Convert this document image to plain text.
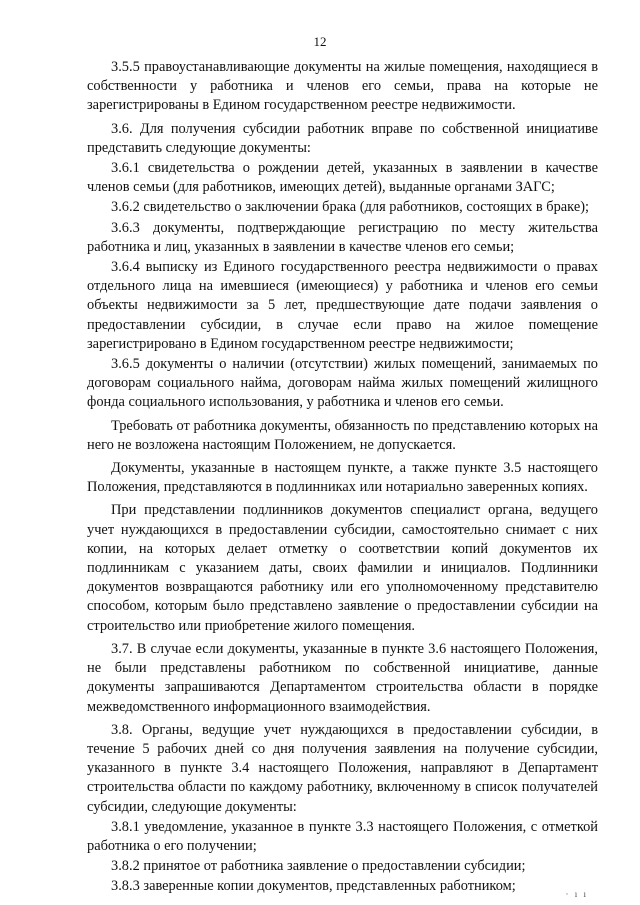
12

3.5.5 правоустанавливающие документы на жилые помещения, находящиеся в собственности у работника и членов его семьи, права на которые не зарегистрированы в Едином государственном реестре недвижимости.

3.6. Для получения субсидии работник вправе по собственной инициативе представить следующие документы:

3.6.1 свидетельства о рождении детей, указанных в заявлении в качестве членов семьи (для работников, имеющих детей), выданные органами ЗАГС;

3.6.2 свидетельство о заключении брака (для работников, состоящих в браке);

3.6.3 документы, подтверждающие регистрацию по месту жительства работника и лиц, указанных в заявлении в качестве членов его семьи;

3.6.4 выписку из Единого государственного реестра недвижимости о правах отдельного лица на имевшиеся (имеющиеся) у работника и членов его семьи объекты недвижимости за 5 лет, предшествующие дате подачи заявления о предоставлении субсидии, в случае если право на жилое помещение зарегистрировано в Едином государственном реестре недвижимости;

3.6.5 документы о наличии (отсутствии) жилых помещений, занимаемых по договорам социального найма, договорам найма жилых помещений жилищного фонда социального использования, у работника и членов его семьи.

Требовать от работника документы, обязанность по представлению которых на него не возложена настоящим Положением, не допускается.

Документы, указанные в настоящем пункте, а также пункте 3.5 настоящего Положения, представляются в подлинниках или нотариально заверенных копиях.

При представлении подлинников документов специалист органа, ведущего учет нуждающихся в предоставлении субсидии, самостоятельно снимает с них копии, на которых делает отметку о соответствии копий документов их подлинникам с указанием даты, своих фамилии и инициалов. Подлинники документов возвращаются работнику или его уполномоченному представителю способом, которым было представлено заявление о предоставлении субсидии на строительство или приобретение жилого помещения.

3.7. В случае если документы, указанные в пункте 3.6 настоящего Положения, не были представлены работником по собственной инициативе, данные документы запрашиваются Департаментом строительства области в порядке межведомственного информационного взаимодействия.

3.8. Органы, ведущие учет нуждающихся в предоставлении субсидии, в течение 5 рабочих дней со дня получения заявления на получение субсидии, указанного в пункте 3.4 настоящего Положения, направляют в Департамент строительства области по каждому работнику, включенному в список получателей субсидии, следующие документы:

3.8.1 уведомление, указанное в пункте 3.3 настоящего Положения, с отметкой работника о его получении;

3.8.2 принятое от работника заявление о предоставлении субсидии;

3.8.3 заверенные копии документов, представленных работником;	· ı ı
